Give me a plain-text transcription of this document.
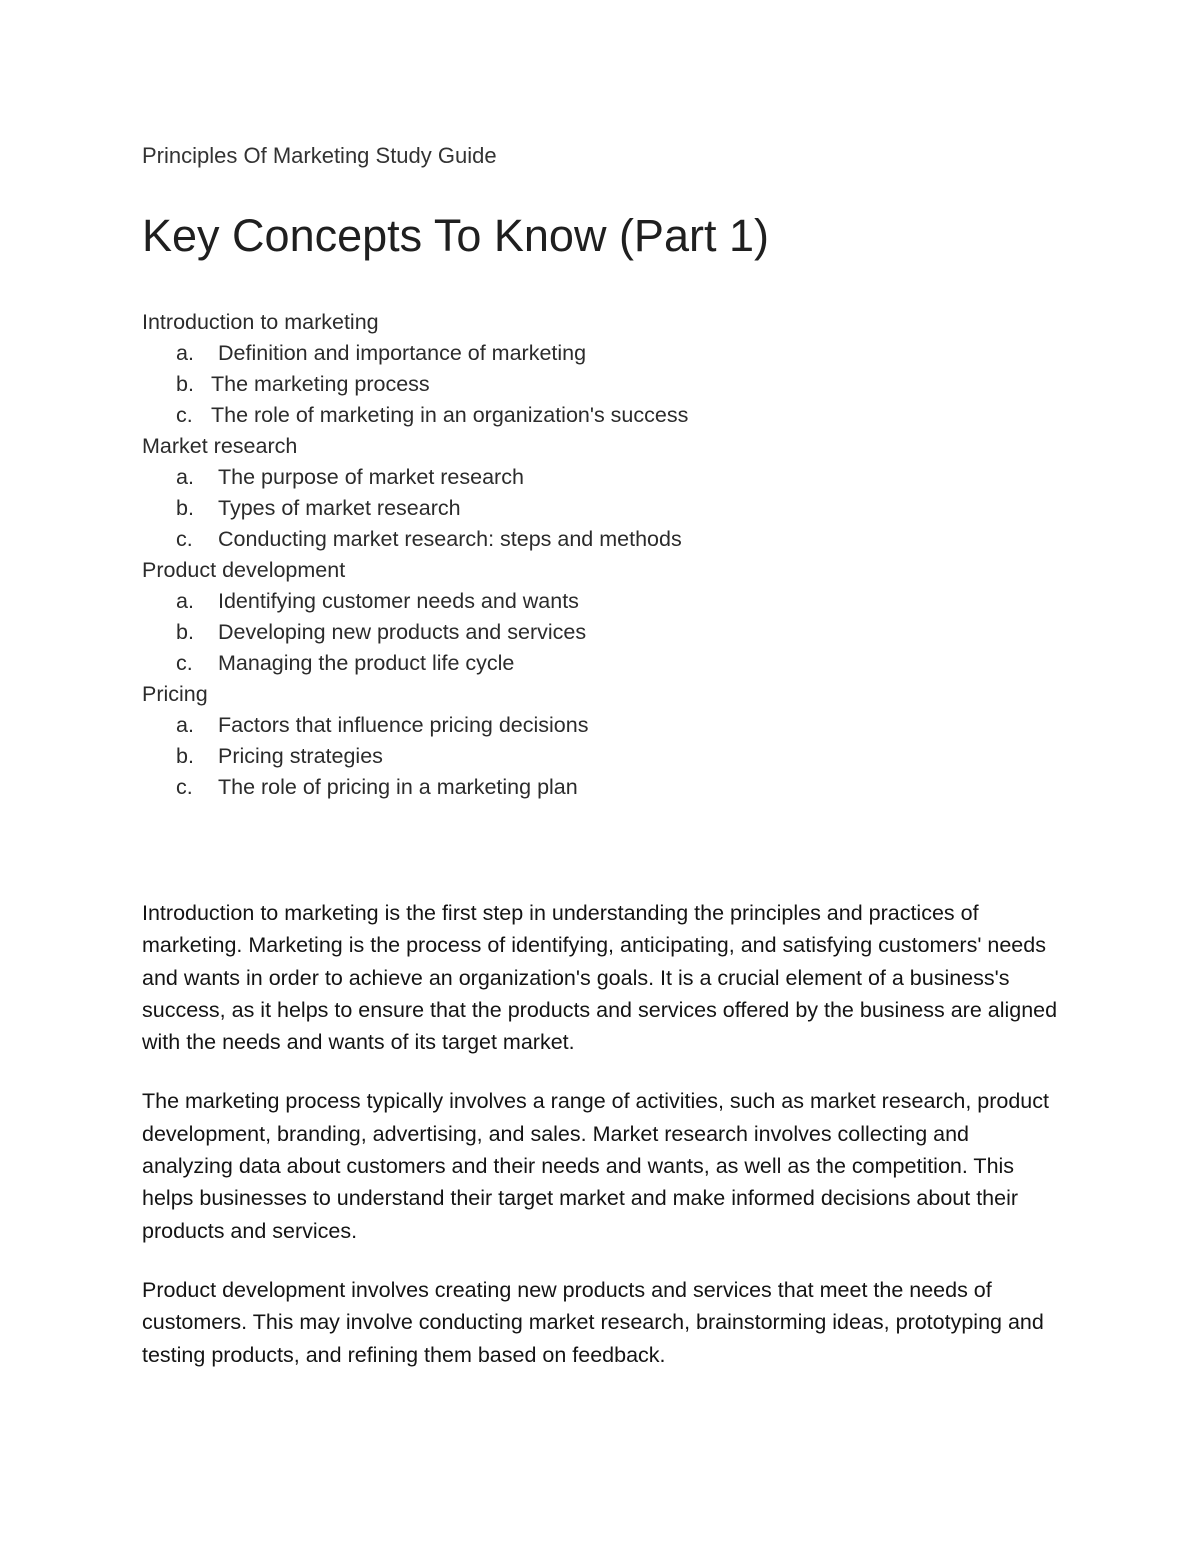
Principles Of Marketing Study Guide
Key Concepts To Know (Part 1)
Introduction to marketing
a. Definition and importance of marketing
b. The marketing process
c. The role of marketing in an organization's success
Market research
a. The purpose of market research
b. Types of market research
c. Conducting market research: steps and methods
Product development
a. Identifying customer needs and wants
b. Developing new products and services
c. Managing the product life cycle
Pricing
a. Factors that influence pricing decisions
b. Pricing strategies
c. The role of pricing in a marketing plan

Introduction to marketing is the first step in understanding the principles and practices of marketing. Marketing is the process of identifying, anticipating, and satisfying customers' needs and wants in order to achieve an organization's goals. It is a crucial element of a business's success, as it helps to ensure that the products and services offered by the business are aligned with the needs and wants of its target market.

The marketing process typically involves a range of activities, such as market research, product development, branding, advertising, and sales. Market research involves collecting and analyzing data about customers and their needs and wants, as well as the competition. This helps businesses to understand their target market and make informed decisions about their products and services.

Product development involves creating new products and services that meet the needs of customers. This may involve conducting market research, brainstorming ideas, prototyping and testing products, and refining them based on feedback.
